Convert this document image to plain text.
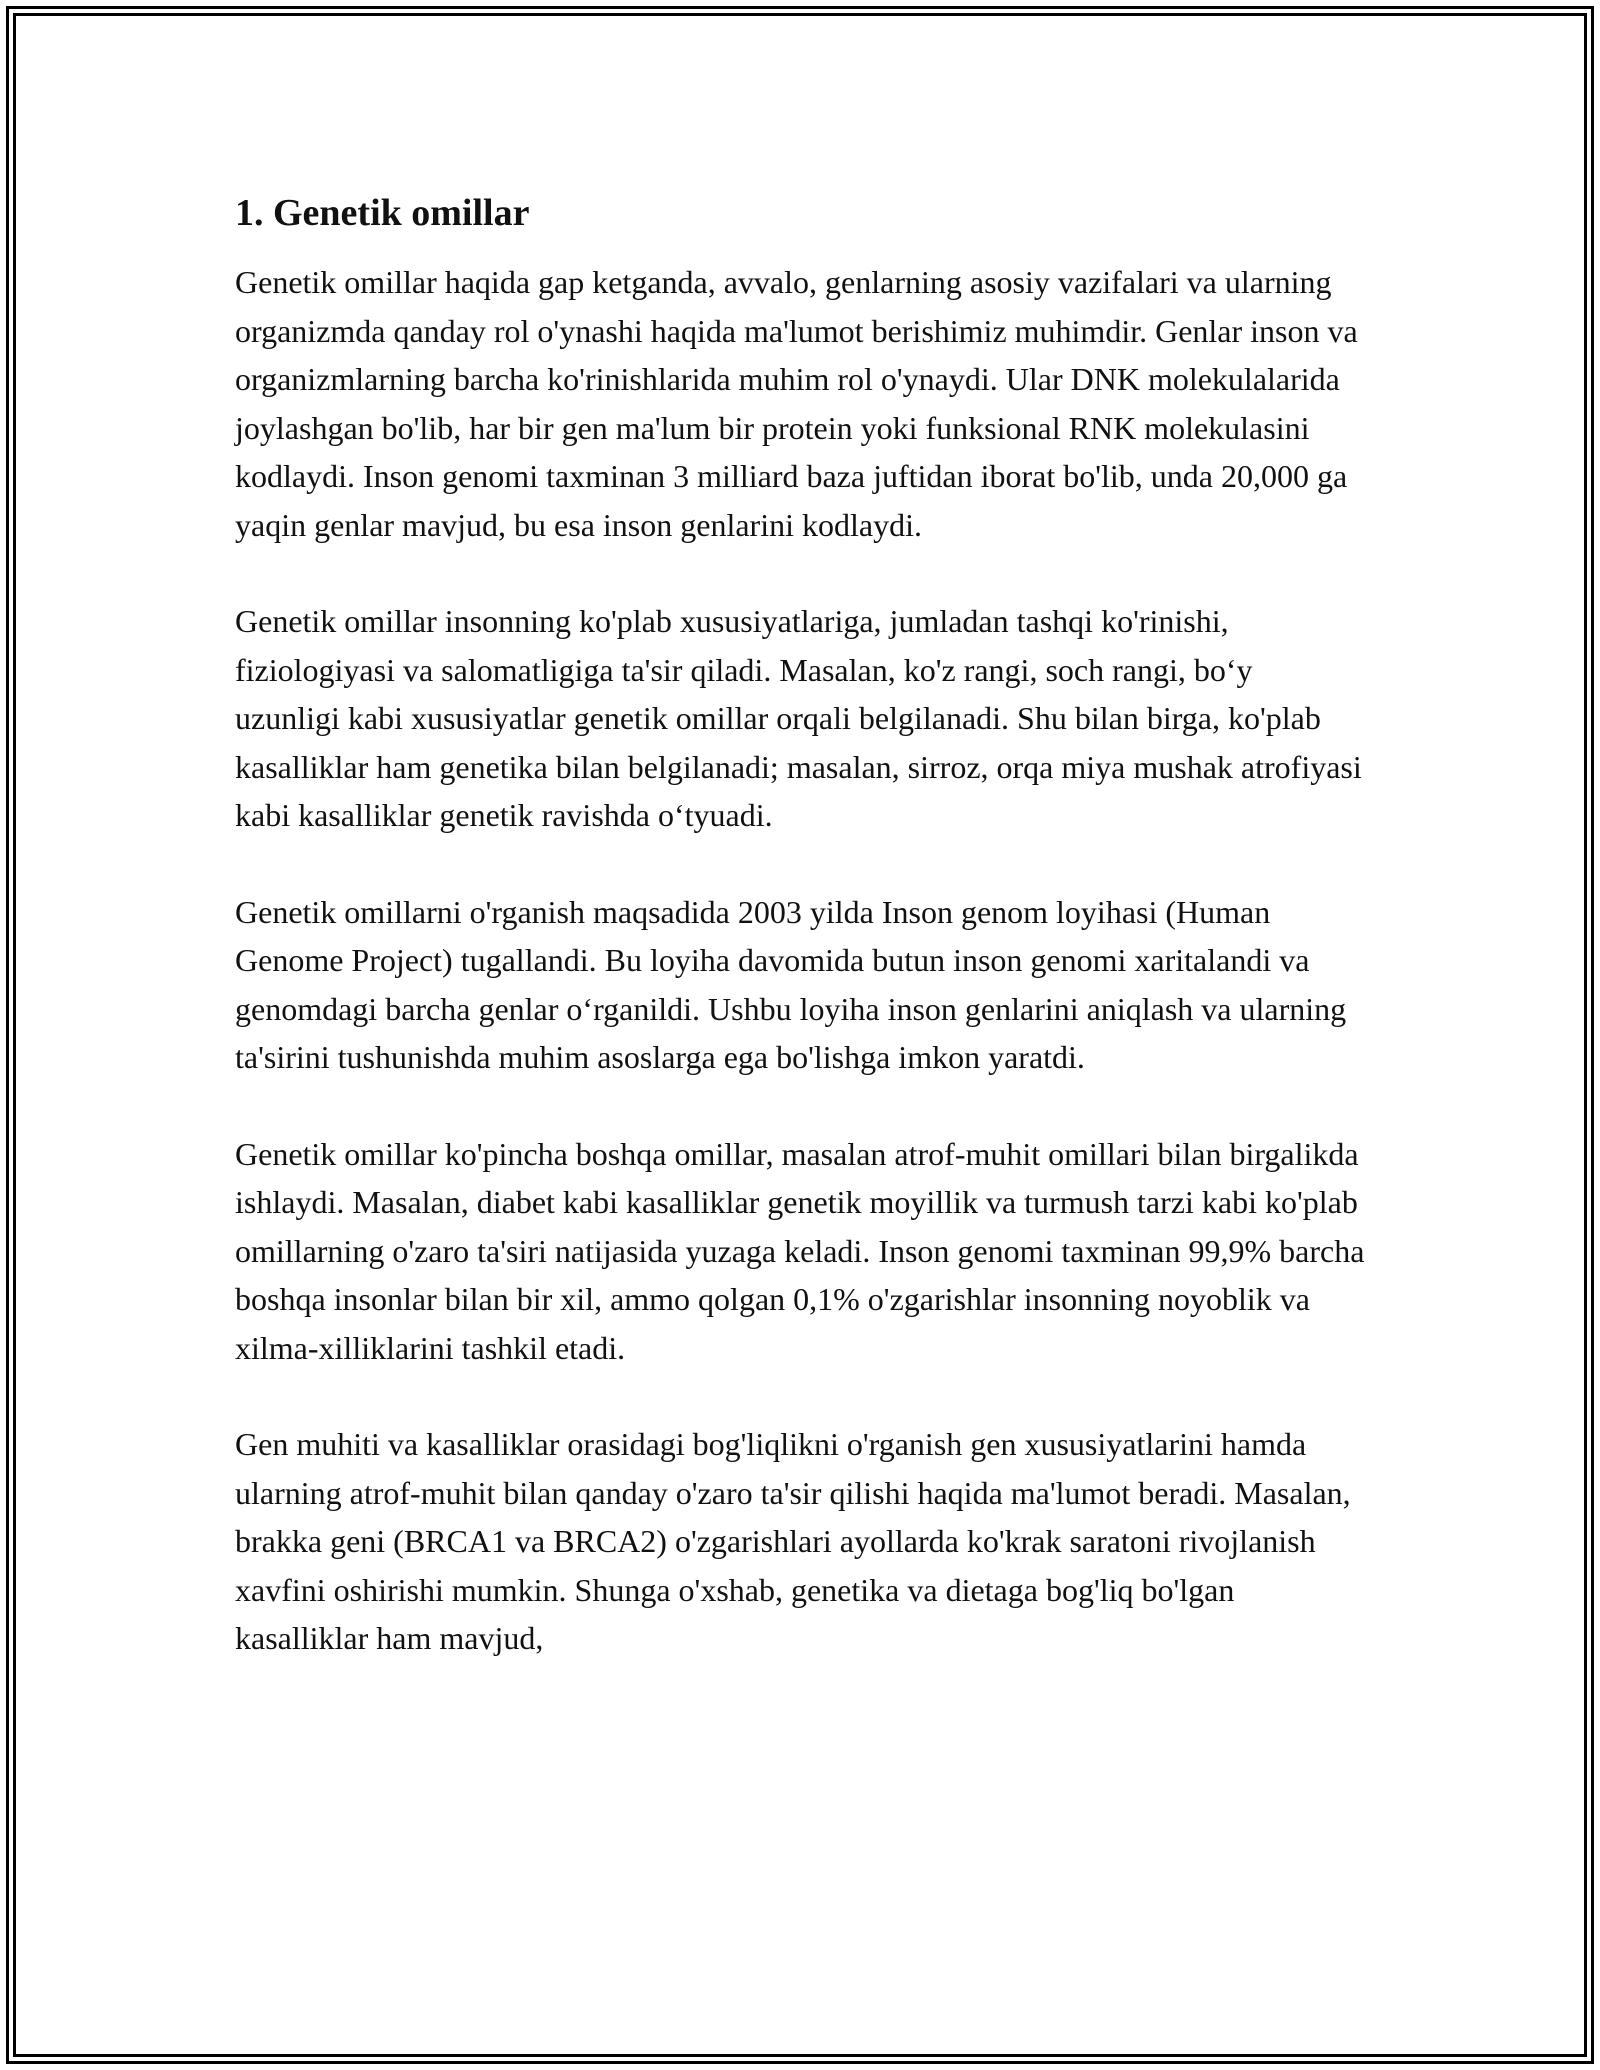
1. Genetik omillar

Genetik omillar haqida gap ketganda, avvalo, genlarning asosiy vazifalari va ularning organizmda qanday rol o'ynashi haqida ma'lumot berishimiz muhimdir. Genlar inson va organizmlarning barcha ko'rinishlarida muhim rol o'ynaydi. Ular DNK molekulalarida joylashgan bo'lib, har bir gen ma'lum bir protein yoki funksional RNK molekulasini kodlaydi. Inson genomi taxminan 3 milliard baza juftidan iborat bo'lib, unda 20,000 ga yaqin genlar mavjud, bu esa inson genlarini kodlaydi.

Genetik omillar insonning ko'plab xususiyatlariga, jumladan tashqi ko'rinishi, fiziologiyasi va salomatligiga ta'sir qiladi. Masalan, ko'z rangi, soch rangi, bo‘y uzunligi kabi xususiyatlar genetik omillar orqali belgilanadi. Shu bilan birga, ko'plab kasalliklar ham genetika bilan belgilanadi; masalan, sirroz, orqa miya mushak atrofiyasi kabi kasalliklar genetik ravishda o‘tyuadi.

Genetik omillarni o'rganish maqsadida 2003 yilda Inson genom loyihasi (Human Genome Project) tugallandi. Bu loyiha davomida butun inson genomi xaritalandi va genomdagi barcha genlar o‘rganildi. Ushbu loyiha inson genlarini aniqlash va ularning ta'sirini tushunishda muhim asoslarga ega bo'lishga imkon yaratdi.

Genetik omillar ko'pincha boshqa omillar, masalan atrof-muhit omillari bilan birgalikda ishlaydi. Masalan, diabet kabi kasalliklar genetik moyillik va turmush tarzi kabi ko'plab omillarning o'zaro ta'siri natijasida yuzaga keladi. Inson genomi taxminan 99,9% barcha boshqa insonlar bilan bir xil, ammo qolgan 0,1% o'zgarishlar insonning noyoblik va xilma-xilliklarini tashkil etadi.

Gen muhiti va kasalliklar orasidagi bog'liqlikni o'rganish gen xususiyatlarini hamda ularning atrof-muhit bilan qanday o'zaro ta'sir qilishi haqida ma'lumot beradi. Masalan, brakka geni (BRCA1 va BRCA2) o'zgarishlari ayollarda ko'krak saratoni rivojlanish xavfini oshirishi mumkin. Shunga o'xshab, genetika va dietaga bog'liq bo'lgan kasalliklar ham mavjud,
